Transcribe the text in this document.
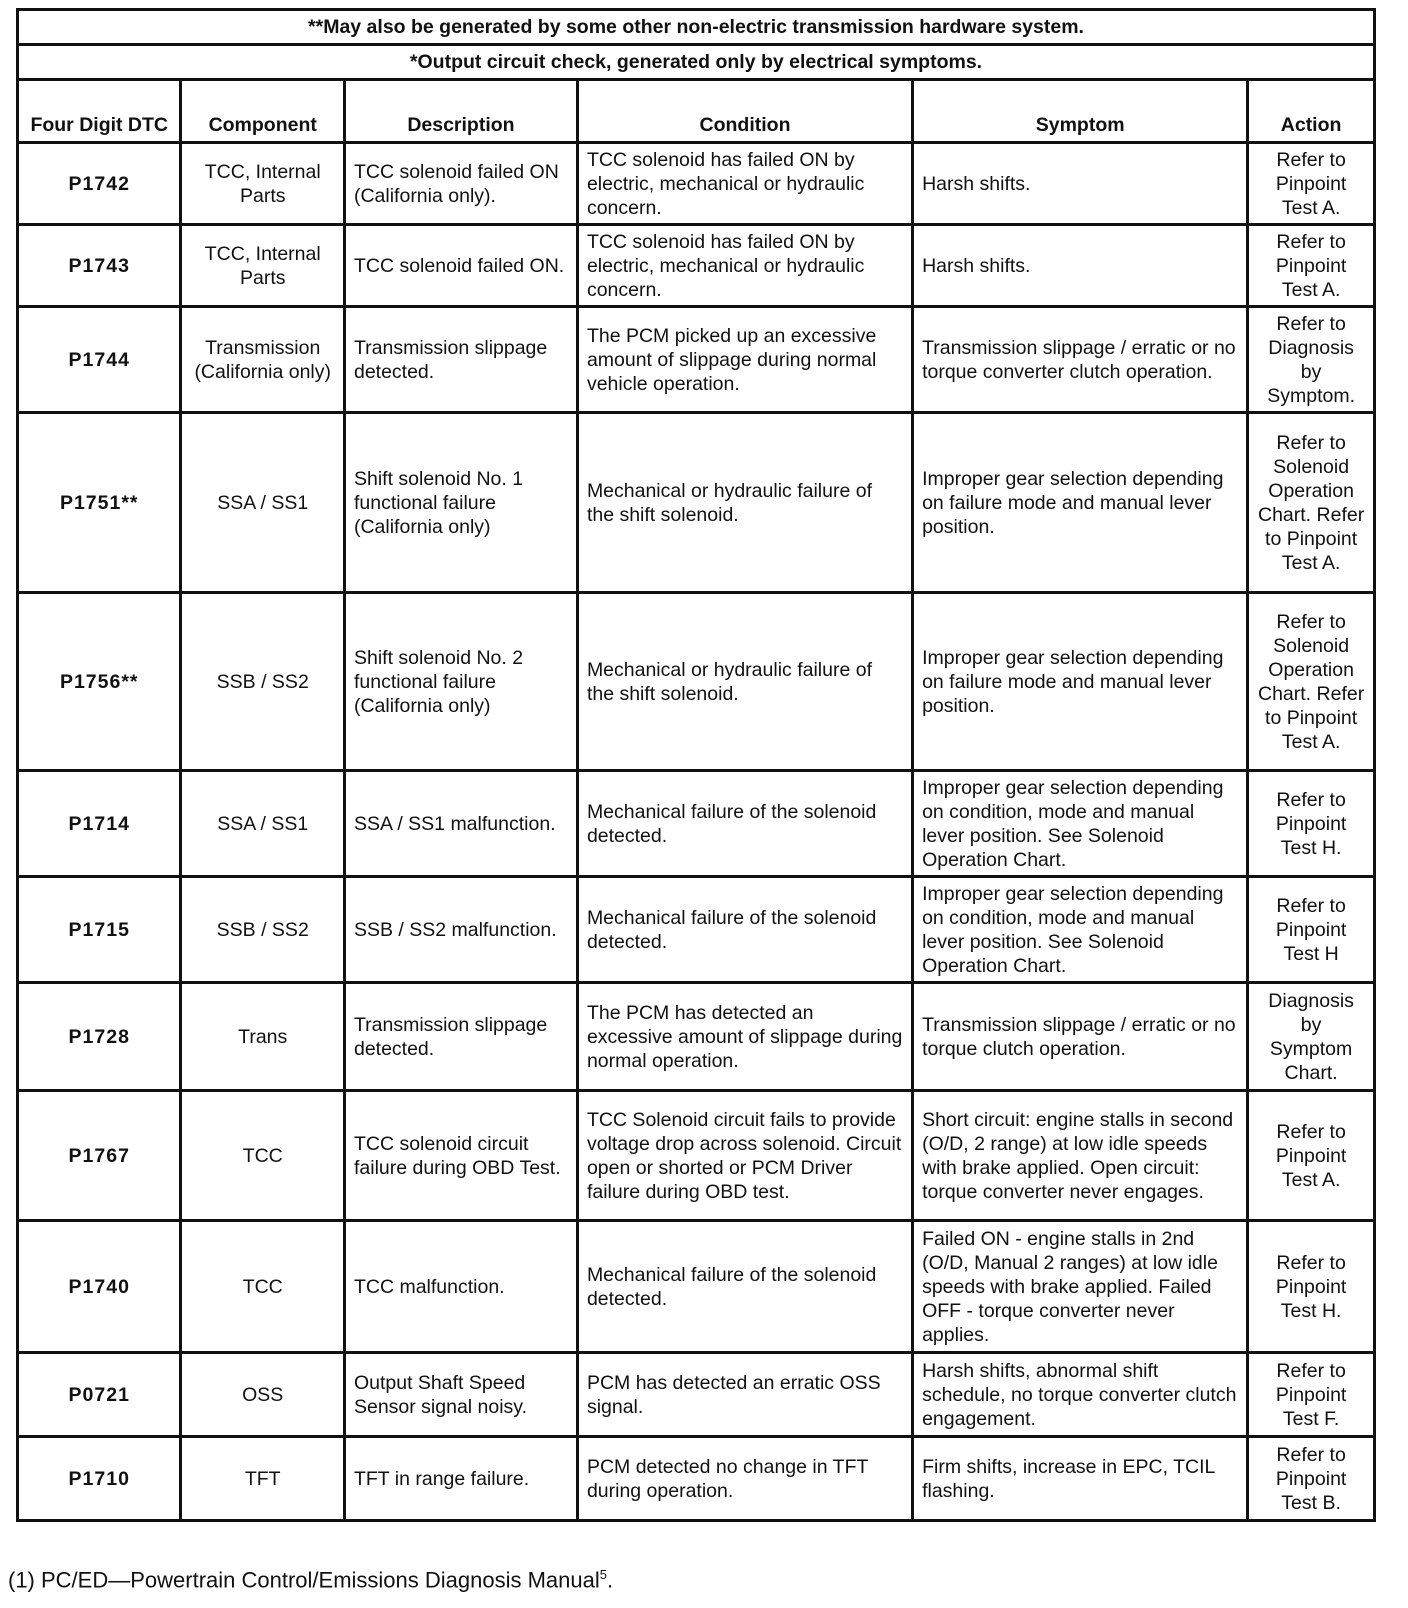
**May also be generated by some other non-electric transmission hardware system.					
*Output circuit check, generated only by electrical symptoms.					
Four Digit DTC	Component	Description	Condition	Symptom	Action
P1742	TCC, Internal Parts	TCC solenoid failed ON (California only).	TCC solenoid has failed ON by electric, mechanical or hydraulic concern.	Harsh shifts.	Refer to Pinpoint Test A.
P1743	TCC, Internal Parts	TCC solenoid failed ON.	TCC solenoid has failed ON by electric, mechanical or hydraulic concern.	Harsh shifts.	Refer to Pinpoint Test A.
P1744	Transmission (California only)	Transmission slippage detected.	The PCM picked up an excessive amount of slippage during normal vehicle operation.	Transmission slippage / erratic or no torque converter clutch operation.	Refer to Diagnosis by Symptom.
P1751**	SSA / SS1	Shift solenoid No. 1 functional failure (California only)	Mechanical or hydraulic failure of the shift solenoid.	Improper gear selection depending on failure mode and manual lever position.	Refer to Solenoid Operation Chart. Refer to Pinpoint Test A.
P1756**	SSB / SS2	Shift solenoid No. 2 functional failure (California only)	Mechanical or hydraulic failure of the shift solenoid.	Improper gear selection depending on failure mode and manual lever position.	Refer to Solenoid Operation Chart. Refer to Pinpoint Test A.
P1714	SSA / SS1	SSA / SS1 malfunction.	Mechanical failure of the solenoid detected.	Improper gear selection depending on condition, mode and manual lever position. See Solenoid Operation Chart.	Refer to Pinpoint Test H.
P1715	SSB / SS2	SSB / SS2 malfunction.	Mechanical failure of the solenoid detected.	Improper gear selection depending on condition, mode and manual lever position. See Solenoid Operation Chart.	Refer to Pinpoint Test H
P1728	Trans	Transmission slippage detected.	The PCM has detected an excessive amount of slippage during normal operation.	Transmission slippage / erratic or no torque clutch operation.	Diagnosis by Symptom Chart.
P1767	TCC	TCC solenoid circuit failure during OBD Test.	TCC Solenoid circuit fails to provide voltage drop across solenoid. Circuit open or shorted or PCM Driver failure during OBD test.	Short circuit: engine stalls in second (O/D, 2 range) at low idle speeds with brake applied. Open circuit: torque converter never engages.	Refer to Pinpoint Test A.
P1740	TCC	TCC malfunction.	Mechanical failure of the solenoid detected.	Failed ON - engine stalls in 2nd (O/D, Manual 2 ranges) at low idle speeds with brake applied. Failed OFF - torque converter never applies.	Refer to Pinpoint Test H.
P0721	OSS	Output Shaft Speed Sensor signal noisy.	PCM has detected an erratic OSS signal.	Harsh shifts, abnormal shift schedule, no torque converter clutch engagement.	Refer to Pinpoint Test F.
P1710	TFT	TFT in range failure.	PCM detected no change in TFT during operation.	Firm shifts, increase in EPC, TCIL flashing.	Refer to Pinpoint Test B.
(1) PC/ED—Powertrain Control/Emissions Diagnosis Manual$^5$.
